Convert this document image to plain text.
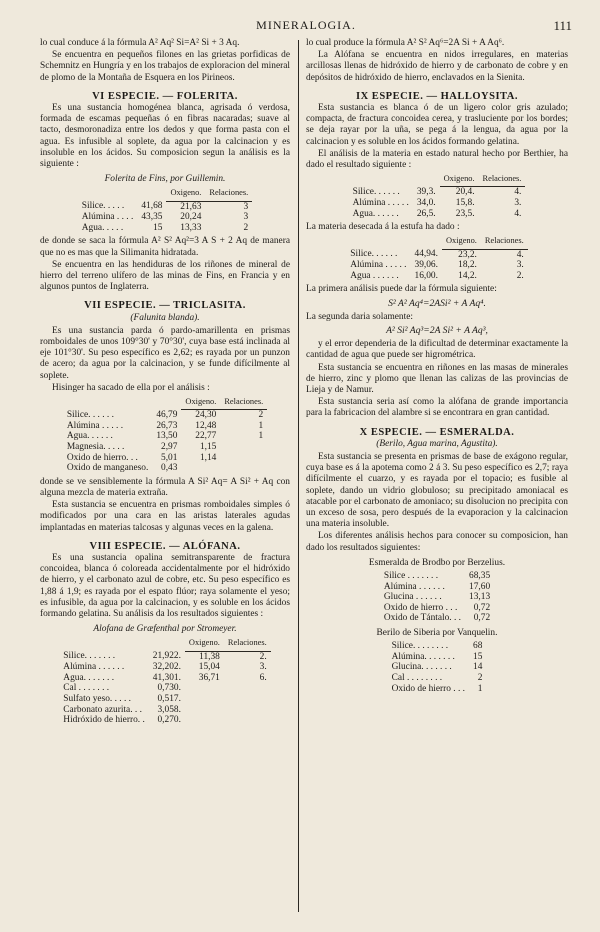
MINERALOGIA.	111

lo cual conduce á la fórmula A² Aq² Si=A² Si + 3 Aq.

Se encuentra en pequeños filones en las grietas porfidicas de Schemnitz en Hungría y en los trabajos de exploracion del mineral de plomo de la Montaña de Esquera en los Pirineos.

VI ESPECIE. — FOLERITA.

Es una sustancia homogénea blanca, agrisada ó verdosa, formada de escamas pequeñas ó en fibras nacaradas; suave al tacto, desmoronadiza entre los dedos y que forma pasta con el agua. Es infusible al soplete, da agua por la calcinacion y es insoluble en los ácidos. Su composicion segun la análisis es la siguiente :

Folerita de Fins, por Guillemin.
		Oxigeno.	Relaciones.
Silice. . . . .	41,68	21,63	3
Alúmina . . . .	43,35	20,24	3
Agua. . . . .	15	13,33	2

de donde se saca la fórmula A² S² Aq²=3 A S + 2 Aq de manera que no es mas que la Silimanita hidratada.

Se encuentra en las hendiduras de los riñones de mineral de hierro del terreno ulífero de las minas de Fins, en Francia y en algunos puntos de Inglaterra.

VII ESPECIE. — TRICLASITA.
(Falunita blanda).

Es una sustancia parda ó pardo-amarillenta en prismas romboidales de unos 109°30' y 70°30', cuya base está inclinada al eje 101°30'. Su peso específico es 2,62; es rayada por un punzon de acero; da agua por la calcinacion, y se funde difícilmente al soplete.

Hisinger ha sacado de ella por el análisis :

		Oxigeno.	Relaciones.
Silice. . . . . .	46,79	24,30	2
Alúmina . . . . .	26,73	12,48	1
Agua. . . . . .	13,50	22,77	1
Magnesia. . . . .	2,97	1,15	
Oxido de hierro. . .	5,01	1,14	
Oxido de manganeso.	0,43		

donde se ve sensiblemente la fórmula A Si² Aq= A Si² + Aq con alguna mezcla de materia extraña.

Esta sustancia se encuentra en prismas romboidales simples ó modificados por una cara en las aristas laterales agudas implantadas en materias talcosas y algunas veces en la galena.

VIII ESPECIE. — ALÓFANA.

Es una sustancia opalina semitransparente de fractura concoidea, blanca ó coloreada accidentalmente por el hidróxido de hierro, y el carbonato azul de cobre, etc. Su peso específico es 1,88 á 1,9; es rayada por el espato flúor; raya solamente el yeso; es infusible, da agua por la calcinacion, y es soluble en los ácidos formando gelatina. Su análisis da los resultados siguientes :

Alofana de Græfenthal por Stromeyer.
		Oxigeno.	Relaciones.
Silice. . . . . . .	21,922.	11,38	2.
Alúmina . . . . . .	32,202.	15,04	3.
Agua. . . . . . .	41,301.	36,71	6.
Cal . . . . . . .	0,730.		
Sulfato yeso. . . . .	0,517.		
Carbonato azurita. . .	3,058.		
Hidróxido de hierro. .	0,270.		

lo cual produce la fórmula A² S² Aq⁶=2A Si + A Aq⁶.

La Alófana se encuentra en nidos irregulares, en materias arcillosas llenas de hidróxido de hierro y de carbonato de cobre y en depósitos de hidróxido de hierro, enclavados en la Sienita.

IX ESPECIE. — HALLOYSITA.

Esta sustancia es blanca ó de un ligero color gris azulado; compacta, de fractura concoidea cerea, y trasluciente por los bordes; se deja rayar por la uña, se pega á la lengua, da agua por la calcinacion y es soluble en los ácidos formando gelatina.

El análisis de la materia en estado natural hecho por Berthier, ha dado el resultado siguiente :

		Oxigeno.	Relaciones.
Silice. . . . . .	39,3.	20,4.	4.
Alúmina . . . . .	34,0.	15,8.	3.
Agua. . . . . .	26,5.	23,5.	4.

La materia desecada á la estufa ha dado :

		Oxigeno.	Relaciones.
Silice. . . . . .	44,94.	23,2.	4.
Alúmina . . . . .	39,06.	18,2.	3.
Agua . . . . . .	16,00.	14,2.	2.

La primera análisis puede dar la fórmula siguiente:

S² A² Aq⁴=2ASi² + A Aq⁴.

La segunda daria solamente:

A² Si² Aq³=2A Si² + A Aq³,

y el error dependeria de la dificultad de determinar exactamente la cantidad de agua que puede ser higrométrica.

Esta sustancia se encuentra en riñones en las masas de minerales de hierro, zinc y plomo que llenan las calizas de las provincias de Lieja y de Namur.

Esta sustancia seria así como la alófana de grande importancia para la fabricacion del alambre si se encontrara en gran cantidad.

X ESPECIE. — ESMERALDA.
(Berilo, Agua marina, Agustita).

Esta sustancia se presenta en prismas de base de exágono regular, cuya base es á la apotema como 2 á 3. Su peso específico es 2,7; raya difícilmente el cuarzo, y es rayada por el topacio; es fusible al soplete, dando un vidrio globuloso; su precipitado amoniacal es atacable por el carbonato de amoniaco; su disolucion no precipita con un exceso de sosa, pero después de la evaporacion y la calcinacion una materia insoluble.

Los diferentes análisis hechos para conocer su composicion, han dado los resultados siguientes:

Esmeralda de Brodbo por Berzelius.
Silice . . . . . . .	68,35
Alúmina . . . . . .	17,60
Glucina . . . . . .	13,13
Oxido de hierro . . .	0,72
Oxido de Tántalo. . .	0,72
Berilo de Siberia por Vanquelin.
Silice. . . . . . . .	68
Alúmina. . . . . . .	15
Glucina. . . . . . .	14
Cal . . . . . . . .	2
Oxido de hierro . . .	1
